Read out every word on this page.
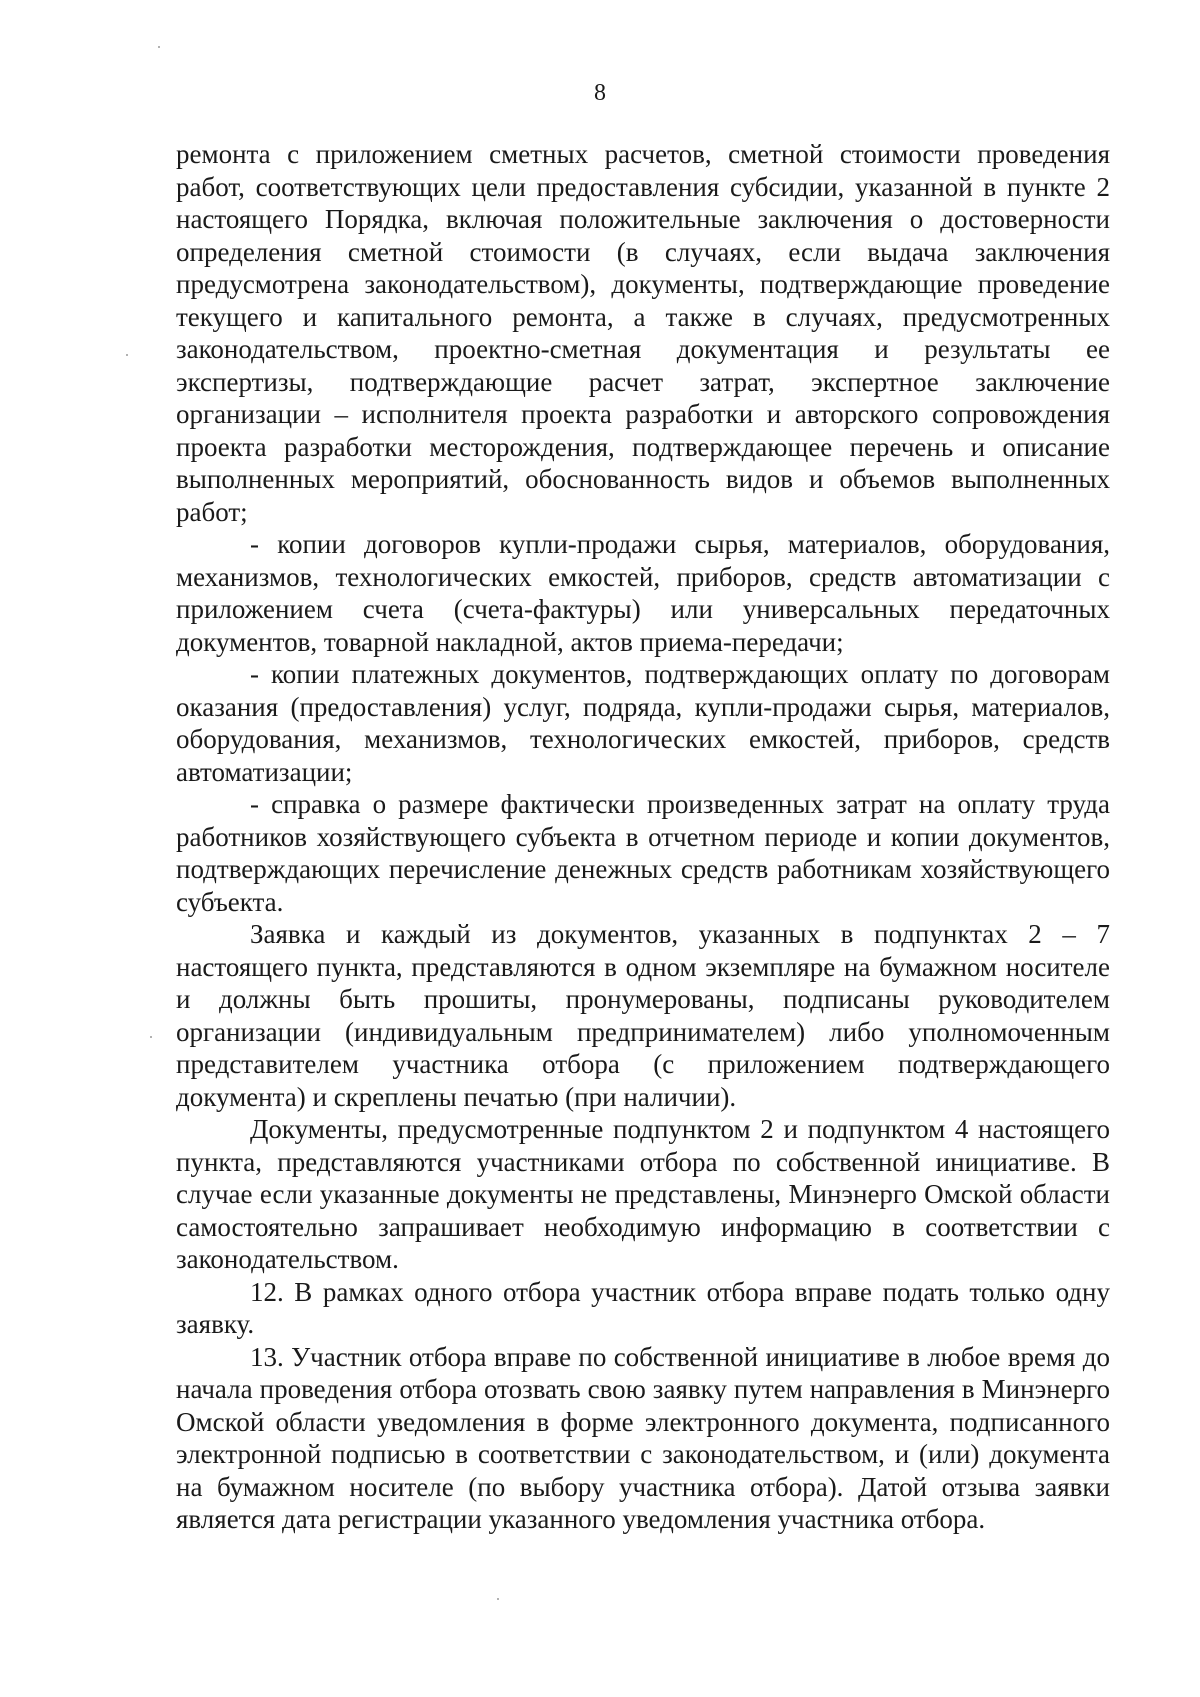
8

ремонта с приложением сметных расчетов, сметной стоимости проведения работ, соответствующих цели предоставления субсидии, указанной в пункте 2 настоящего Порядка, включая положительные заключения о достоверности определения сметной стоимости (в случаях, если выдача заключения предусмотрена законодательством), документы, подтверждающие проведение текущего и капитального ремонта, а также в случаях, предусмотренных законодательством, проектно-сметная документация и результаты ее экспертизы, подтверждающие расчет затрат, экспертное заключение организации – исполнителя проекта разработки и авторского сопровождения проекта разработки месторождения, подтверждающее перечень и описание выполненных мероприятий, обоснованность видов и объемов выполненных работ;

- копии договоров купли-продажи сырья, материалов, оборудования, механизмов, технологических емкостей, приборов, средств автоматизации с приложением счета (счета-фактуры) или универсальных передаточных документов, товарной накладной, актов приема-передачи;

- копии платежных документов, подтверждающих оплату по договорам оказания (предоставления) услуг, подряда, купли-продажи сырья, материалов, оборудования, механизмов, технологических емкостей, приборов, средств автоматизации;

- справка о размере фактически произведенных затрат на оплату труда работников хозяйствующего субъекта в отчетном периоде и копии документов, подтверждающих перечисление денежных средств работникам хозяйствующего субъекта.

Заявка и каждый из документов, указанных в подпунктах 2 – 7 настоящего пункта, представляются в одном экземпляре на бумажном носителе и должны быть прошиты, пронумерованы, подписаны руководителем организации (индивидуальным предпринимателем) либо уполномоченным представителем участника отбора (с приложением подтверждающего документа) и скреплены печатью (при наличии).

Документы, предусмотренные подпунктом 2 и подпунктом 4 настоящего пункта, представляются участниками отбора по собственной инициативе. В случае если указанные документы не представлены, Минэнерго Омской области самостоятельно запрашивает необходимую информацию в соответствии с законодательством.

12. В рамках одного отбора участник отбора вправе подать только одну заявку.

13. Участник отбора вправе по собственной инициативе в любое время до начала проведения отбора отозвать свою заявку путем направления в Минэнерго Омской области уведомления в форме электронного документа, подписанного электронной подписью в соответствии с законодательством, и (или) документа на бумажном носителе (по выбору участника отбора). Датой отзыва заявки является дата регистрации указанного уведомления участника отбора.
